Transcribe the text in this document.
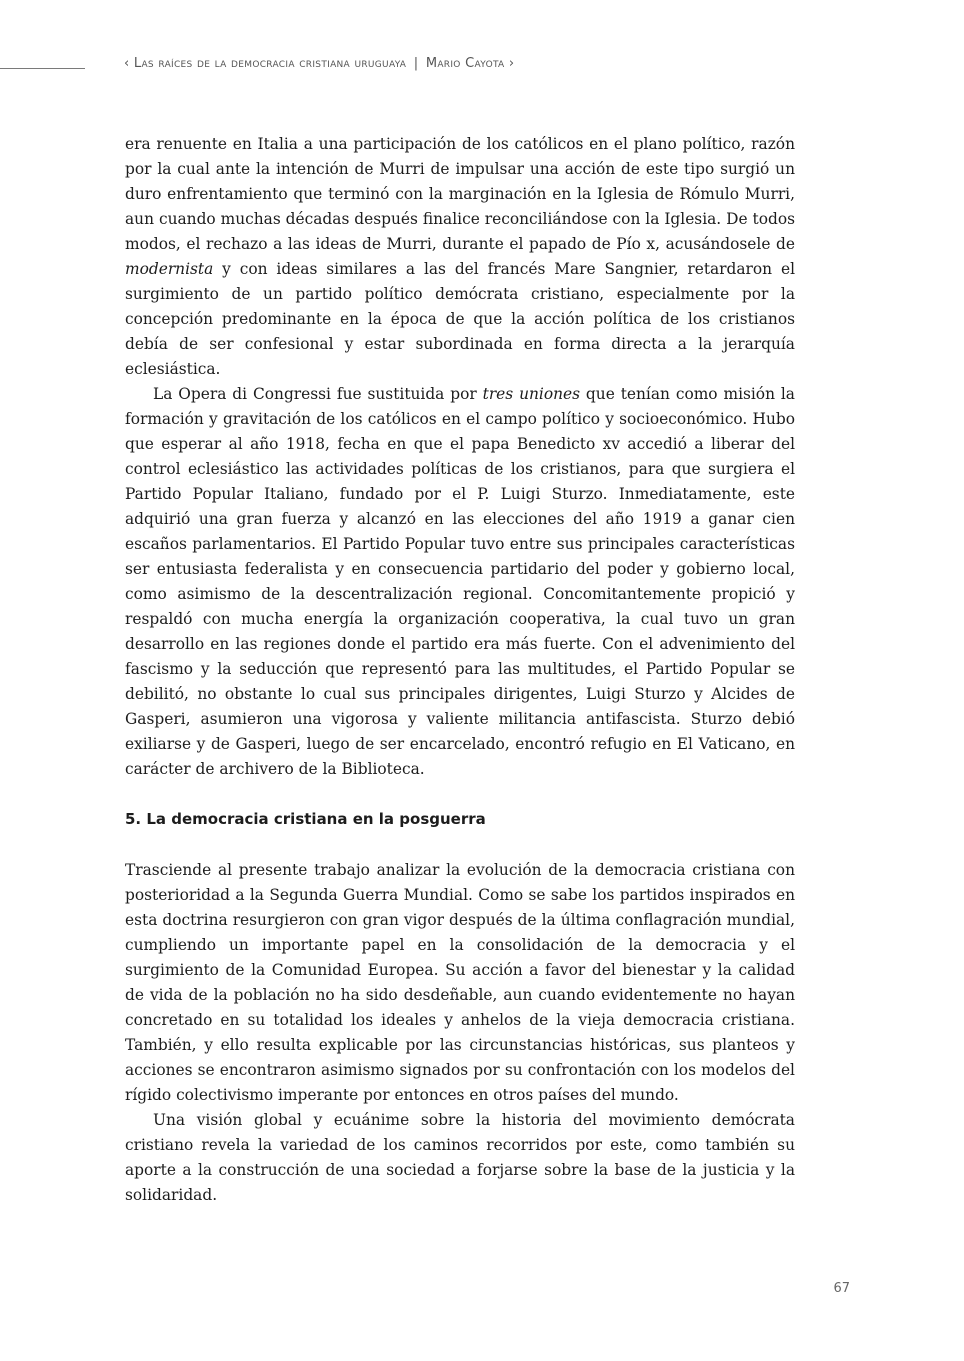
‹ Las raíces de la democracia cristiana uruguaya | Mario Cayota ›

era renuente en Italia a una participación de los católicos en el plano político, razón por la cual ante la intención de Murri de impulsar una acción de este tipo surgió un duro enfrentamiento que terminó con la marginación en la Iglesia de Rómulo Murri, aun cuando muchas décadas después finalice reconciliándose con la Iglesia. De todos modos, el rechazo a las ideas de Murri, durante el papado de Pío x, acusándosele de modernista y con ideas similares a las del francés Mare Sangnier, retardaron el surgimiento de un partido político demócrata cristiano, especialmente por la concepción predominante en la época de que la acción política de los cristianos debía de ser confesional y estar subordinada en forma directa a la jerarquía eclesiástica.

La Opera di Congressi fue sustituida por tres uniones que tenían como misión la formación y gravitación de los católicos en el campo político y socioeconómico. Hubo que esperar al año 1918, fecha en que el papa Benedicto xv accedió a liberar del control eclesiástico las actividades políticas de los cristianos, para que surgiera el Partido Popular Italiano, fundado por el P. Luigi Sturzo. Inmediatamente, este adquirió una gran fuerza y alcanzó en las elecciones del año 1919 a ganar cien escaños parlamentarios. El Partido Popular tuvo entre sus principales características ser entusiasta federalista y en consecuencia partidario del poder y gobierno local, como asimismo de la descentralización regional. Concomitantemente propició y respaldó con mucha energía la organización cooperativa, la cual tuvo un gran desarrollo en las regiones donde el partido era más fuerte. Con el advenimiento del fascismo y la seducción que representó para las multitudes, el Partido Popular se debilitó, no obstante lo cual sus principales dirigentes, Luigi Sturzo y Alcides de Gasperi, asumieron una vigorosa y valiente militancia antifascista. Sturzo debió exiliarse y de Gasperi, luego de ser encarcelado, encontró refugio en El Vaticano, en carácter de archivero de la Biblioteca.

5. La democracia cristiana en la posguerra

Trasciende al presente trabajo analizar la evolución de la democracia cristiana con posterioridad a la Segunda Guerra Mundial. Como se sabe los partidos inspirados en esta doctrina resurgieron con gran vigor después de la última conflagración mundial, cumpliendo un importante papel en la consolidación de la democracia y el surgimiento de la Comunidad Europea. Su acción a favor del bienestar y la calidad de vida de la población no ha sido desdeñable, aun cuando evidentemente no hayan concretado en su totalidad los ideales y anhelos de la vieja democracia cristiana. También, y ello resulta explicable por las circunstancias históricas, sus planteos y acciones se encontraron asimismo signados por su confrontación con los modelos del rígido colectivismo imperante por entonces en otros países del mundo.

Una visión global y ecuánime sobre la historia del movimiento demócrata cristiano revela la variedad de los caminos recorridos por este, como también su aporte a la construcción de una sociedad a forjarse sobre la base de la justicia y la solidaridad.

67
